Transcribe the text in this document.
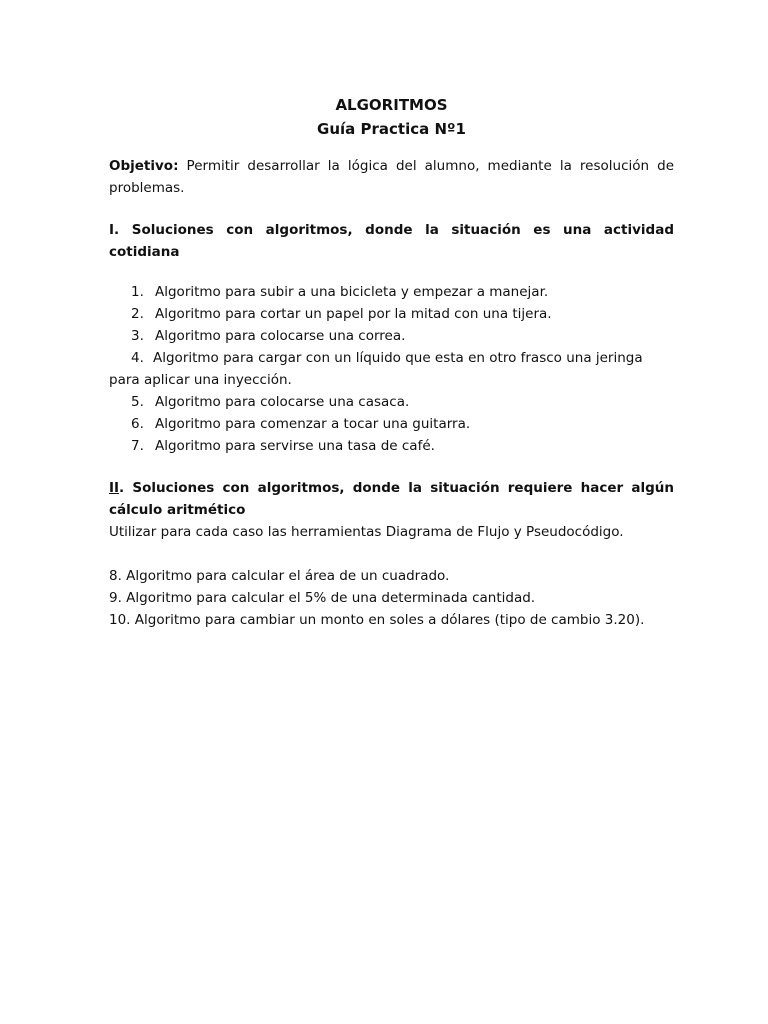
ALGORITMOS

Guía Practica Nº1

Objetivo: Permitir desarrollar la lógica del alumno, mediante la resolución de problemas.

I. Soluciones con algoritmos, donde la situación es una actividad cotidiana

1. Algoritmo para subir a una bicicleta y empezar a manejar.
2. Algoritmo para cortar un papel por la mitad con una tijera.
3. Algoritmo para colocarse una correa.
4. Algoritmo para cargar con un líquido que esta en otro frasco una jeringa
para aplicar una inyección.
5. Algoritmo para colocarse una casaca.
6. Algoritmo para comenzar a tocar una guitarra.
7. Algoritmo para servirse una tasa de café.

II. Soluciones con algoritmos, donde la situación requiere hacer algún cálculo aritmético

Utilizar para cada caso las herramientas Diagrama de Flujo y Pseudocódigo.

8. Algoritmo para calcular el área de un cuadrado.
9. Algoritmo para calcular el 5% de una determinada cantidad.
10. Algoritmo para cambiar un monto en soles a dólares (tipo de cambio 3.20).
